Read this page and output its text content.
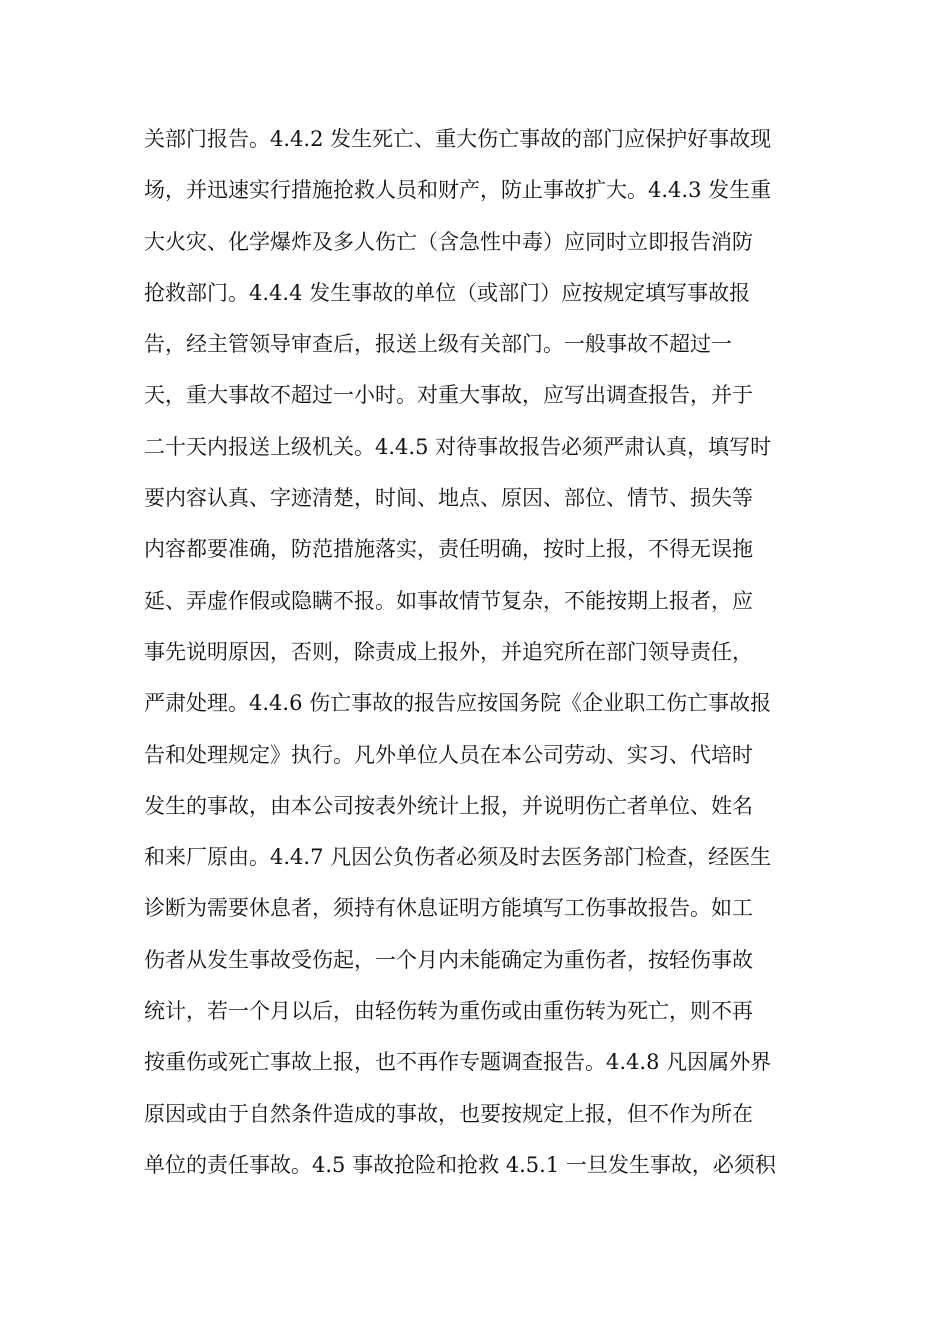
关部门报告。4.4.2 发生死亡、重大伤亡事故的部门应保护好事故现
场，并迅速实行措施抢救人员和财产，防止事故扩大。4.4.3 发生重
大火灾、化学爆炸及多人伤亡（含急性中毒）应同时立即报告消防
抢救部门。4.4.4 发生事故的单位（或部门）应按规定填写事故报
告，经主管领导审查后，报送上级有关部门。一般事故不超过一
天，重大事故不超过一小时。对重大事故，应写出调查报告，并于
二十天内报送上级机关。4.4.5 对待事故报告必须严肃认真，填写时
要内容认真、字迹清楚，时间、地点、原因、部位、情节、损失等
内容都要准确，防范措施落实，责任明确，按时上报，不得无误拖
延、弄虚作假或隐瞒不报。如事故情节复杂，不能按期上报者，应
事先说明原因，否则，除责成上报外，并追究所在部门领导责任，
严肃处理。4.4.6 伤亡事故的报告应按国务院《企业职工伤亡事故报
告和处理规定》执行。凡外单位人员在本公司劳动、实习、代培时
发生的事故，由本公司按表外统计上报，并说明伤亡者单位、姓名
和来厂原由。4.4.7 凡因公负伤者必须及时去医务部门检查，经医生
诊断为需要休息者，须持有休息证明方能填写工伤事故报告。如工
伤者从发生事故受伤起，一个月内未能确定为重伤者，按轻伤事故
统计，若一个月以后，由轻伤转为重伤或由重伤转为死亡，则不再
按重伤或死亡事故上报，也不再作专题调查报告。4.4.8 凡因属外界
原因或由于自然条件造成的事故，也要按规定上报，但不作为所在
单位的责任事故。4.5 事故抢险和抢救 4.5.1 一旦发生事故，必须积
